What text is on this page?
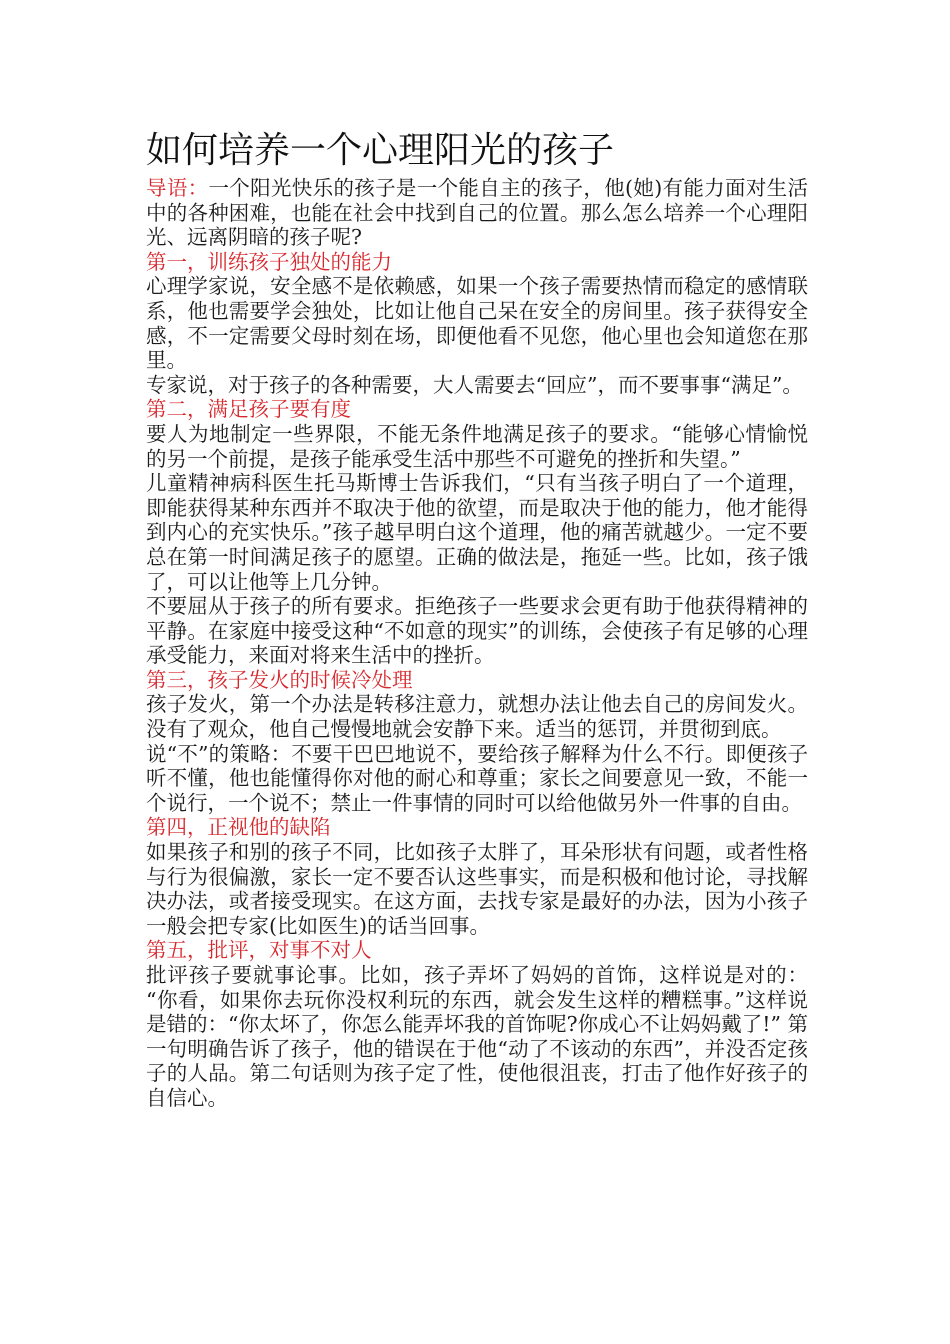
如何培养一个心理阳光的孩子

导语：一个阳光快乐的孩子是一个能自主的孩子，他(她)有能力面对生活中的各种困难，也能在社会中找到自己的位置。那么怎么培养一个心理阳光、远离阴暗的孩子呢?

第一，训练孩子独处的能力

心理学家说，安全感不是依赖感，如果一个孩子需要热情而稳定的感情联系，他也需要学会独处，比如让他自己呆在安全的房间里。孩子获得安全感，不一定需要父母时刻在场，即便他看不见您，他心里也会知道您在那里。

专家说，对于孩子的各种需要，大人需要去“回应”，而不要事事“满足”。

第二，满足孩子要有度

要人为地制定一些界限，不能无条件地满足孩子的要求。“能够心情愉悦的另一个前提，是孩子能承受生活中那些不可避免的挫折和失望。”

儿童精神病科医生托马斯博士告诉我们，“只有当孩子明白了一个道理，即能获得某种东西并不取决于他的欲望，而是取决于他的能力，他才能得到内心的充实快乐。”孩子越早明白这个道理，他的痛苦就越少。一定不要总在第一时间满足孩子的愿望。正确的做法是，拖延一些。比如，孩子饿了，可以让他等上几分钟。

不要屈从于孩子的所有要求。拒绝孩子一些要求会更有助于他获得精神的平静。在家庭中接受这种“不如意的现实”的训练，会使孩子有足够的心理承受能力，来面对将来生活中的挫折。

第三，孩子发火的时候冷处理

孩子发火，第一个办法是转移注意力，就想办法让他去自己的房间发火。没有了观众，他自己慢慢地就会安静下来。适当的惩罚，并贯彻到底。

说“不”的策略：不要干巴巴地说不，要给孩子解释为什么不行。即便孩子听不懂，他也能懂得你对他的耐心和尊重；家长之间要意见一致，不能一个说行，一个说不；禁止一件事情的同时可以给他做另外一件事的自由。

第四，正视他的缺陷

如果孩子和别的孩子不同，比如孩子太胖了，耳朵形状有问题，或者性格与行为很偏激，家长一定不要否认这些事实，而是积极和他讨论，寻找解决办法，或者接受现实。在这方面，去找专家是最好的办法，因为小孩子一般会把专家(比如医生)的话当回事。

第五，批评，对事不对人

批评孩子要就事论事。比如，孩子弄坏了妈妈的首饰，这样说是对的： “你看，如果你去玩你没权利玩的东西，就会发生这样的糟糕事。”这样说是错的：“你太坏了，你怎么能弄坏我的首饰呢?你成心不让妈妈戴了!” 第一句明确告诉了孩子，他的错误在于他“动了不该动的东西”，并没否定孩子的人品。第二句话则为孩子定了性，使他很沮丧，打击了他作好孩子的自信心。
